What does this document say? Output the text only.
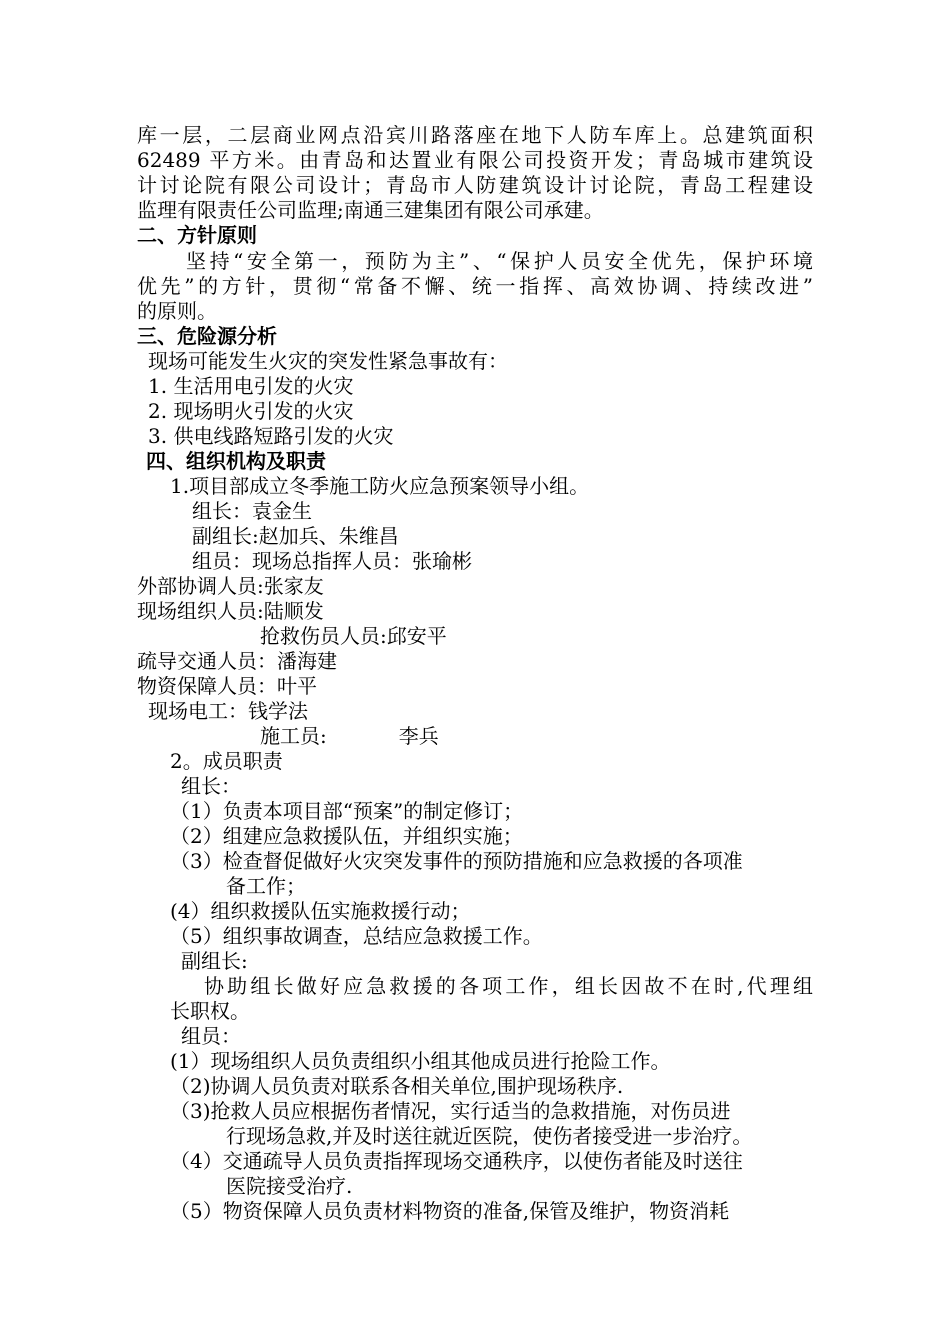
库一层，二层商业网点沿宾川路落座在地下人防车库上。总建筑面积
62489 平方米。由青岛和达置业有限公司投资开发；青岛城市建筑设
计讨论院有限公司设计；青岛市人防建筑设计讨论院，青岛工程建设
监理有限责任公司监理;南通三建集团有限公司承建。
二、方针原则
坚持“安全第一，预防为主”、“保护人员安全优先，保护环境
优先”的方针，贯彻“常备不懈、统一指挥、高效协调、持续改进”
的原则。
三、危险源分析
现场可能发生火灾的突发性紧急事故有：
1. 生活用电引发的火灾
2. 现场明火引发的火灾
3. 供电线路短路引发的火灾
四、组织机构及职责
1.项目部成立冬季施工防火应急预案领导小组。
组长：袁金生
副组长:赵加兵、朱维昌
组员：现场总指挥人员：张瑜彬
外部协调人员:张家友
现场组织人员:陆顺发
抢救伤员人员:邱安平
疏导交通人员：潘海建
物资保障人员：叶平
现场电工：钱学法
施工员:	李兵
2。成员职责
组长：
（1）负责本项目部“预案”的制定修订；
（2）组建应急救援队伍，并组织实施；
（3）检查督促做好火灾突发事件的预防措施和应急救援的各项准
备工作；
(4）组织救援队伍实施救援行动；
（5）组织事故调查，总结应急救援工作。
副组长:
协助组长做好应急救援的各项工作，组长因故不在时,代理组
长职权。
组员：
(1）现场组织人员负责组织小组其他成员进行抢险工作。
（2)协调人员负责对联系各相关单位,围护现场秩序.
（3)抢救人员应根据伤者情况，实行适当的急救措施，对伤员进
行现场急救,并及时送往就近医院，使伤者接受进一步治疗。
（4）交通疏导人员负责指挥现场交通秩序，以使伤者能及时送往
医院接受治疗.
（5）物资保障人员负责材料物资的准备,保管及维护，物资消耗
